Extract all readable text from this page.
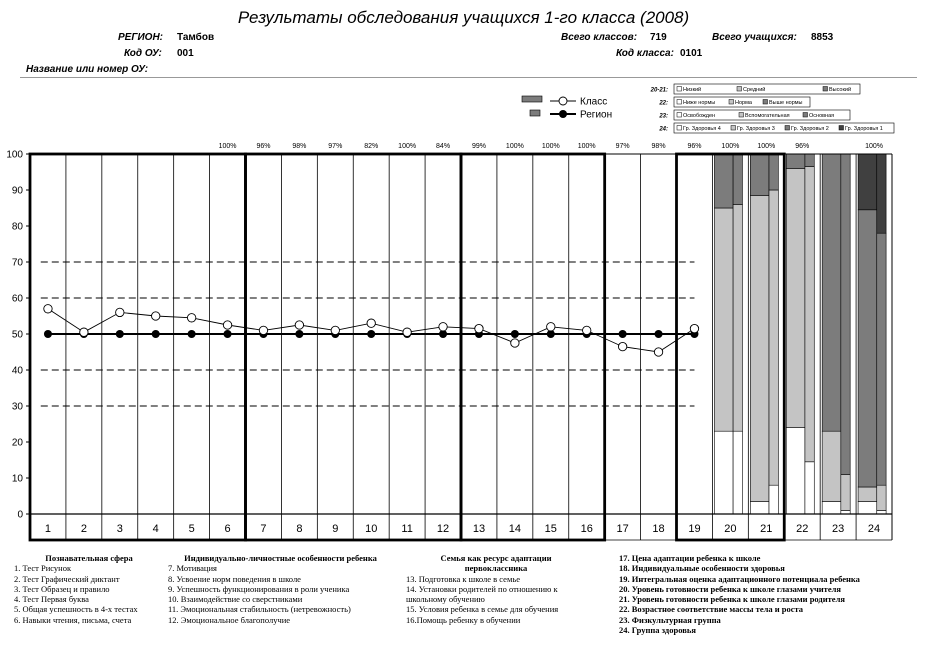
Результаты обследования учащихся 1-го класса (2008)
РЕГИОН: Тамбов
Код ОУ: 001
Название или номер ОУ:
Всего классов: 719	Всего учащихся: 8853
Код класса: 0101
0
10
20
30
40
50
60
70
80
90
100
1	2	3	4	5	6	7	8	9 10 11 12 13 14 15 16 17 18 19 20 21 22 23 24
100%	96%	98%	97%	82%	100%	84%	99%	100%	100%	100%	97%	98%	96%	100%	100%	96%	100%
Класс
Регион
20-21:	Низкий	Средний	Высокий
22:	Ниже нормы	Норма	Выше нормы
23:	Освобожден	Вспомогательная	Основная
24:	Гр. Здоровья 4	Гр. Здоровья 3	Гр. Здоровья 2	Гр. Здоровья 1
Познавательная сфера
1. Тест Рисунок
2. Тест Графический диктант
3. Тест Образец и правило
4. Тест Первая буква
5. Общая успешность в 4-х тестах
6. Навыки чтения, письма, счета
Индивидуально-личностные особенности ребенка
7. Мотивация
8. Усвоение норм поведения в школе
9. Успешность функционирования в роли ученика
10. Взаимодействие со сверстниками
11. Эмоциональная стабильность (нетревожность)
12. Эмоциональное благополучие
Семья как ресурс адаптации первоклассника
13. Подготовка к школе в семье
14. Установки родителей по отношению к школьному обучению
15. Условия ребенка в семье для обучения
16.Помощь ребенку в обучении
17. Цена адаптации ребенка к школе
18. Индивидуальные особенности здоровья
19. Интегральная оценка адаптационного потенциала ребенка
20. Уровень готовности ребенка к школе глазами учителя
21. Уровень готовности ребенка к школе глазами родителя
22. Возрастное соответствие массы тела и роста
23. Физкультурная группа
24. Группа здоровья
